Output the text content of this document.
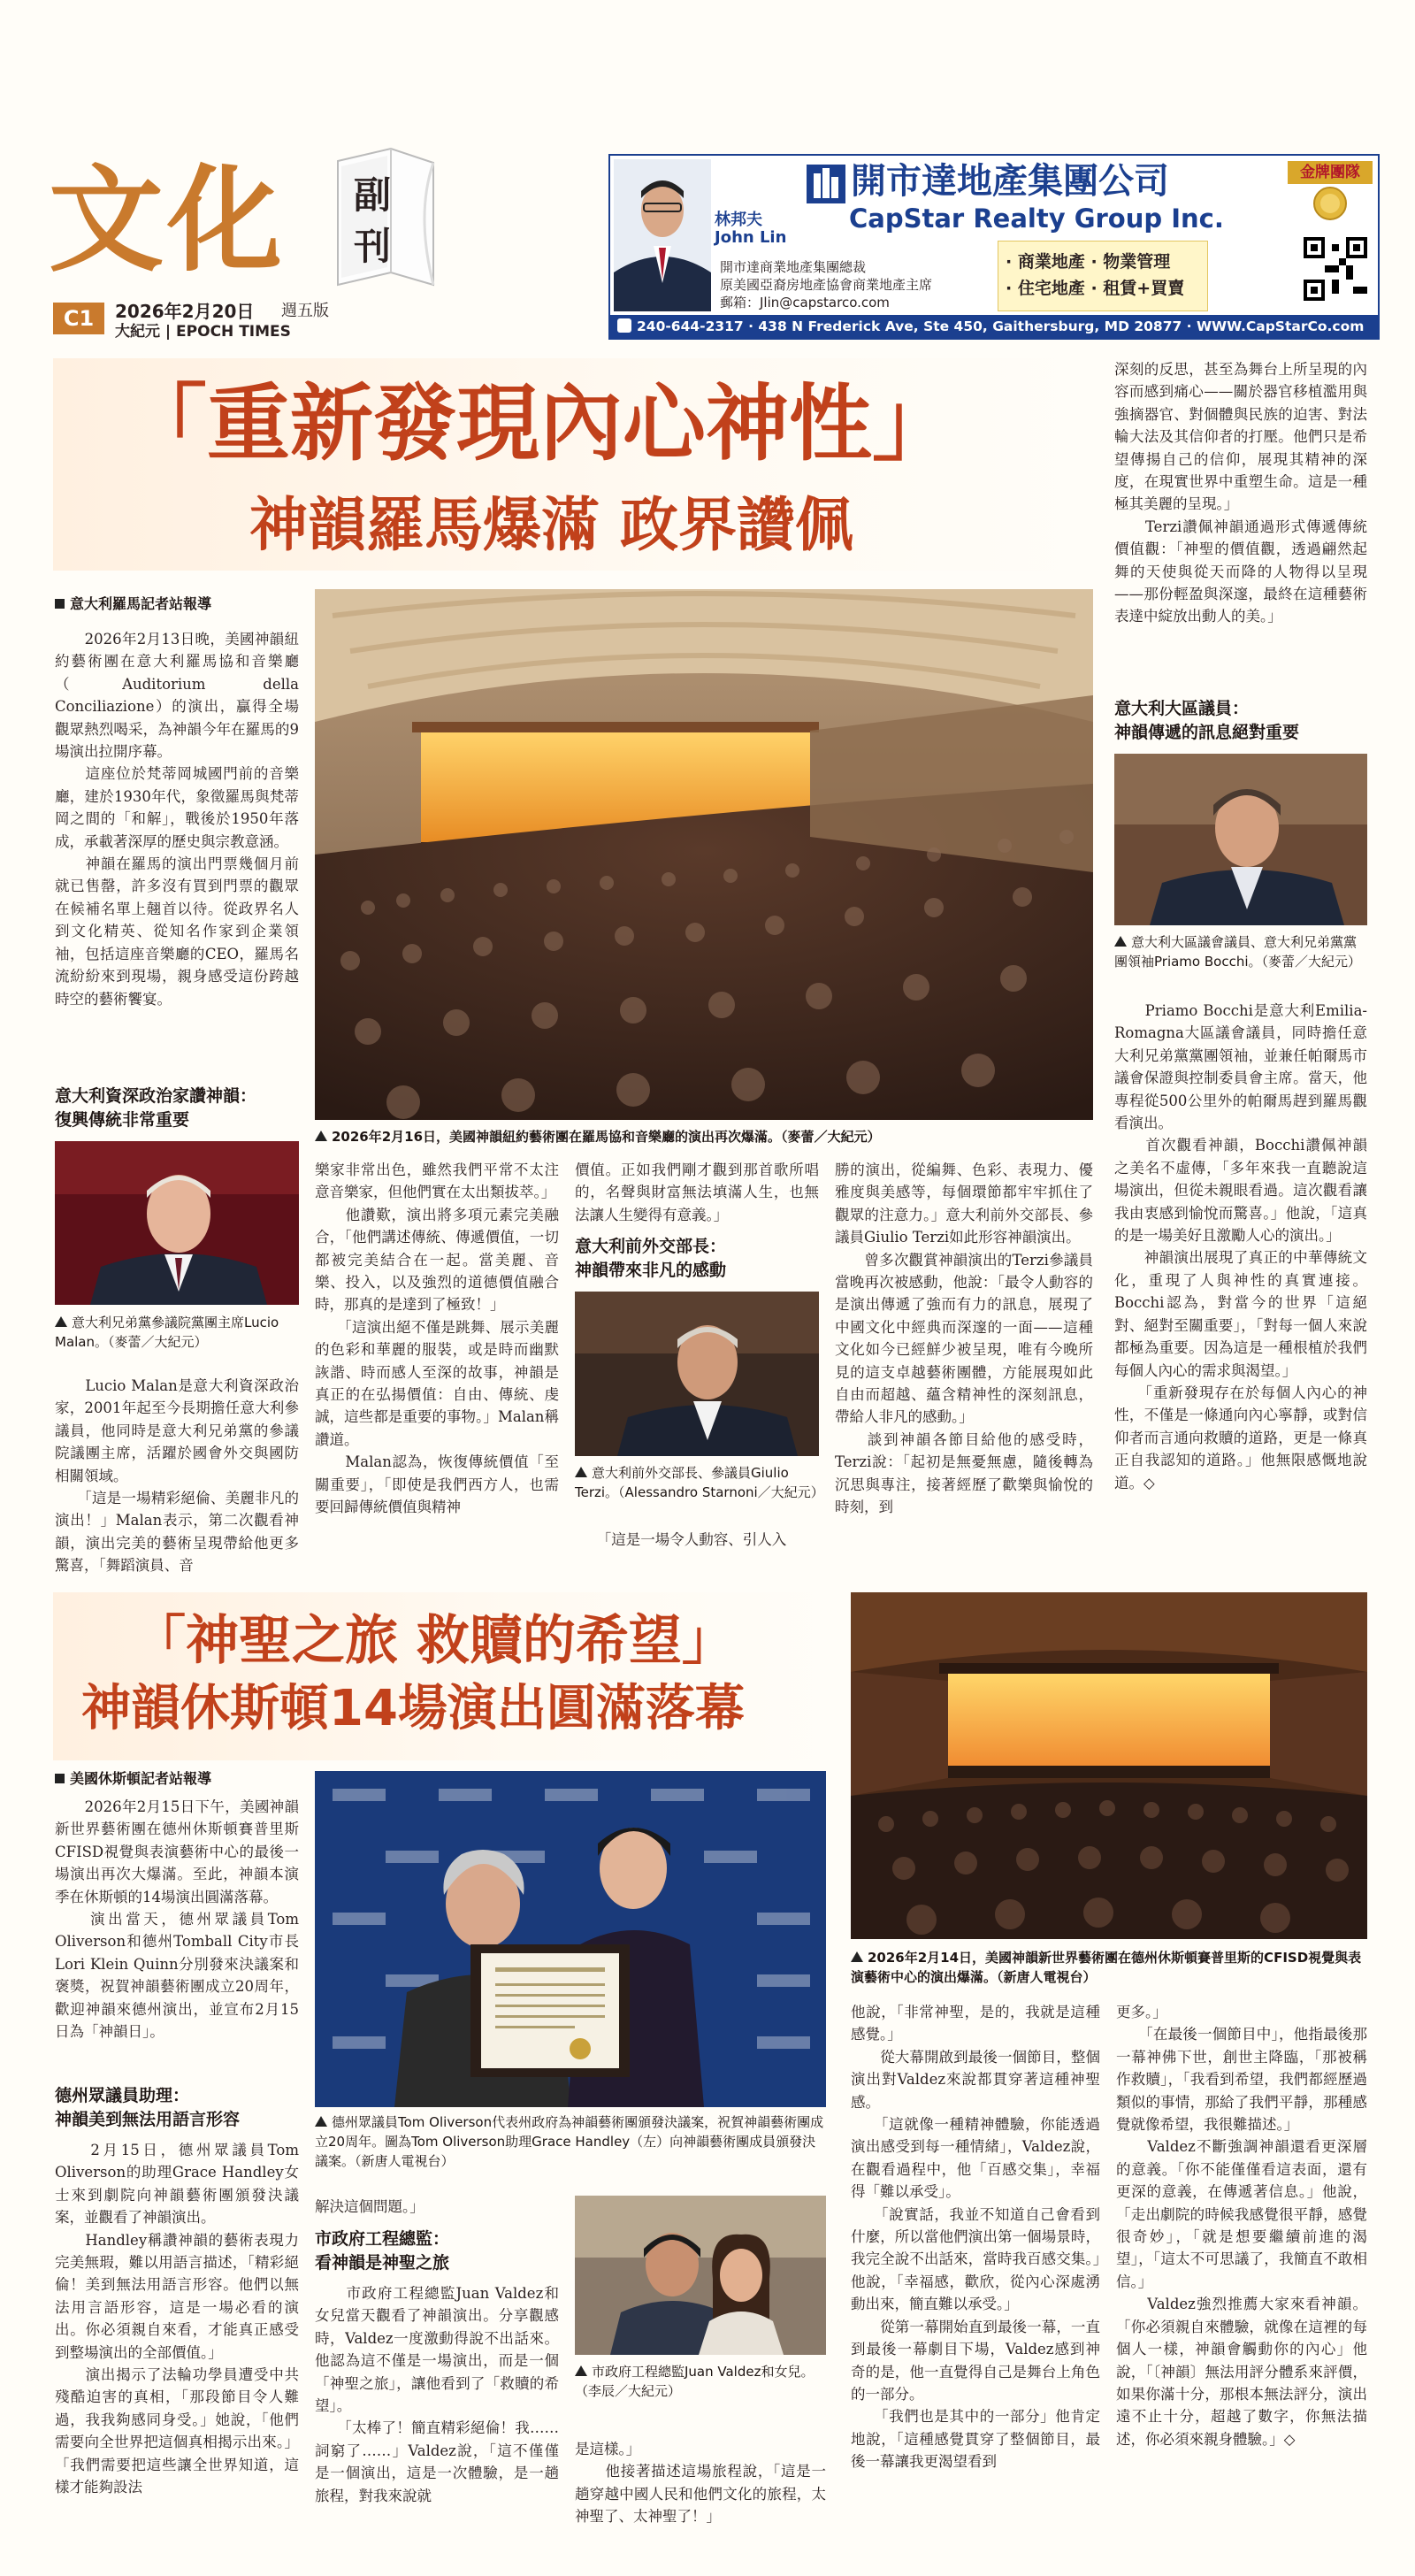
文化 副刊
C1	2026年2月20日 週五版
大紀元 | EPOCH TIMES
林邦夫
John Lin
開市達商業地產集團總裁
原美國亞裔房地產協會商業地產主席
郵箱：Jlin@capstarco.com
開市達地產集團公司
CapStar Realty Group Inc.
· 商業地產 · 物業管理
· 住宅地產 · 租賃+買賣
金牌團隊
240-644-2317 · 438 N Frederick Ave, Ste 450, Gaithersburg, MD 20877 · WWW.CapStarCo.com
「重新發現內心神性」
神韻羅馬爆滿 政界讚佩
意大利羅馬記者站報導
　　2026年2月13日晚，美國神韻紐約藝術團在意大利羅馬協和音樂廳（Auditorium della Conciliazione）的演出，贏得全場觀眾熱烈喝采，為神韻今年在羅馬的9場演出拉開序幕。
　　這座位於梵蒂岡城國門前的音樂廳，建於1930年代，象徵羅馬與梵蒂岡之間的「和解」，戰後於1950年落成，承載著深厚的歷史與宗教意涵。
　　神韻在羅馬的演出門票幾個月前就已售罄，許多沒有買到門票的觀眾在候補名單上翹首以待。從政界名人到文化精英、從知名作家到企業領袖，包括這座音樂廳的CEO，羅馬名流紛紛來到現場，親身感受這份跨越時空的藝術饗宴。
意大利資深政治家讚神韻：
復興傳統非常重要
意大利兄弟黨參議院黨團主席Lucio Malan。（麥蕾／大紀元）
　　Lucio Malan是意大利資深政治家，2001年起至今長期擔任意大利參議員，他同時是意大利兄弟黨的參議院議團主席，活躍於國會外交與國防相關領域。
　　「這是一場精彩絕倫、美麗非凡的演出！」Malan表示，第二次觀看神韻，演出完美的藝術呈現帶給他更多驚喜，「舞蹈演員、音
2026年2月16日，美國神韻紐約藝術團在羅馬協和音樂廳的演出再次爆滿。（麥蕾／大紀元）
樂家非常出色，雖然我們平常不太注意音樂家，但他們實在太出類拔萃。」
　　他讚歎，演出將多項元素完美融合，「他們講述傳統、傳遞價值，一切都被完美結合在一起。當美麗、音樂、投入，以及強烈的道德價值融合時，那真的是達到了極致！」
　　「這演出絕不僅是跳舞、展示美麗的色彩和華麗的服裝，或是時而幽默詼諧、時而感人至深的故事，神韻是真正的在弘揚價值：自由、傳統、虔誠，這些都是重要的事物。」Malan稱讚道。
　　Malan認為，恢復傳統價值「至關重要」，「即使是我們西方人，也需要回歸傳統價值與精神
價值。正如我們剛才觀到那首歌所唱的，名聲與財富無法填滿人生，也無法讓人生變得有意義。」
意大利前外交部長：
神韻帶來非凡的感動
意大利前外交部長、參議員Giulio Terzi。（Alessandro Starnoni／大紀元）
　　「這是一場令人動容、引人入
勝的演出，從編舞、色彩、表現力、優雅度與美感等，每個環節都牢牢抓住了觀眾的注意力。」意大利前外交部長、參議員Giulio Terzi如此形容神韻演出。
　　曾多次觀賞神韻演出的Terzi參議員當晚再次被感動，他說：「最令人動容的是演出傳遞了強而有力的訊息，展現了中國文化中經典而深邃的一面——這種文化如今已經鮮少被呈現，唯有今晚所見的這支卓越藝術團體，方能展現如此自由而超越、蘊含精神性的深刻訊息，帶給人非凡的感動。」
　　談到神韻各節目給他的感受時，Terzi說：「起初是無憂無慮，隨後轉為沉思與專注，接著經歷了歡樂與愉悅的時刻，到
深刻的反思，甚至為舞台上所呈現的內容而感到痛心——關於器官移植濫用與強摘器官、對個體與民族的迫害、對法輪大法及其信仰者的打壓。他們只是希望傳揚自己的信仰，展現其精神的深度，在現實世界中重塑生命。這是一種極其美麗的呈現。」
　　Terzi讚佩神韻通過形式傳遞傳統價值觀：「神聖的價值觀，透過翩然起舞的天使與從天而降的人物得以呈現——那份輕盈與深邃，最終在這種藝術表達中綻放出動人的美。」
意大利大區議員：
神韻傳遞的訊息絕對重要
意大利大區議會議員、意大利兄弟黨黨團領袖Priamo Bocchi。（麥蕾／大紀元）
　　Priamo Bocchi是意大利Emilia-Romagna大區議會議員，同時擔任意大利兄弟黨黨團領袖，並兼任帕爾馬市議會保證與控制委員會主席。當天，他專程從500公里外的帕爾馬趕到羅馬觀看演出。
　　首次觀看神韻，Bocchi讚佩神韻之美名不虛傳，「多年來我一直聽說這場演出，但從未親眼看過。這次觀看讓我由衷感到愉悅而驚喜。」他說，「這真的是一場美好且激勵人心的演出。」
　　神韻演出展現了真正的中華傳統文化，重現了人與神性的真實連接。Bocchi認為，對當今的世界「這絕對、絕對至關重要」，「對每一個人來說都極為重要。因為這是一種根植於我們每個人內心的需求與渴望。」
　　「重新發現存在於每個人內心的神性，不僅是一條通向內心寧靜，或對信仰者而言通向救贖的道路，更是一條真正自我認知的道路。」他無限感慨地說道。◇
「神聖之旅 救贖的希望」
神韻休斯頓14場演出圓滿落幕
美國休斯頓記者站報導
　　2026年2月15日下午，美國神韻新世界藝術團在德州休斯頓賽普里斯CFISD視覺與表演藝術中心的最後一場演出再次大爆滿。至此，神韻本演季在休斯頓的14場演出圓滿落幕。
　　演出當天，德州眾議員Tom Oliverson和德州Tomball City市長Lori Klein Quinn分別發來決議案和褒獎，祝賀神韻藝術團成立20周年，歡迎神韻來德州演出，並宣布2月15日為「神韻日」。
德州眾議員助理：
神韻美到無法用語言形容
　　2月15日，德州眾議員Tom Oliverson的助理Grace Handley女士來到劇院向神韻藝術團頒發決議案，並觀看了神韻演出。
　　Handley稱讚神韻的藝術表現力完美無瑕，難以用語言描述，「精彩絕倫！美到無法用語言形容。他們以無法用言語形容，這是一場必看的演出。你必須親自來看，才能真正感受到整場演出的全部價值。」
　　演出揭示了法輪功學員遭受中共殘酷迫害的真相，「那段節目令人難過，我我夠感同身受。」她說，「他們需要向全世界把這個真相揭示出來。」「我們需要把這些讓全世界知道，這樣才能夠設法
德州眾議員Tom Oliverson代表州政府為神韻藝術團頒發決議案，祝賀神韻藝術團成立20周年。圖為Tom Oliverson助理Grace Handley（左）向神韻藝術團成員頒發決議案。（新唐人電視台）
解決這個問題。」
市政府工程總監：
看神韻是神聖之旅
　　市政府工程總監Juan Valdez和女兒當天觀看了神韻演出。分享觀感時，Valdez一度激動得說不出話來。他認為這不僅是一場演出，而是一個「神聖之旅」，讓他看到了「救贖的希望」。
　　「太棒了！簡直精彩絕倫！我……詞窮了……」Valdez說，「這不僅僅是一個演出，這是一次體驗，是一趟旅程，對我來說就
市政府工程總監Juan Valdez和女兒。（李辰／大紀元）
是這樣。」
　　他接著描述這場旅程說，「這是一趟穿越中國人民和他們文化的旅程，太神聖了、太神聖了！」
2026年2月14日，美國神韻新世界藝術團在德州休斯頓賽普里斯的CFISD視覺與表演藝術中心的演出爆滿。（新唐人電視台）
他說，「非常神聖，是的，我就是這種感覺。」
　　從大幕開啟到最後一個節目，整個演出對Valdez來說都貫穿著這種神聖感。
　　「這就像一種精神體驗，你能透過演出感受到每一種情緒」，Valdez說，在觀看過程中，他「百感交集」，幸福得「難以承受」。
　　「說實話，我並不知道自己會看到什麼，所以當他們演出第一個場景時，我完全說不出話來，當時我百感交集。」他說，「幸福感，歡欣，從內心深處湧動出來，簡直難以承受。」
　　從第一幕開始直到最後一幕，一直到最後一幕劇目下場，Valdez感到神奇的是，他一直覺得自己是舞台上角色的一部分。
　　「我們也是其中的一部分」他肯定地說，「這種感覺貫穿了整個節目，最後一幕讓我更渴望看到
更多。」
　　「在最後一個節目中」，他指最後那一幕神佛下世，創世主降臨，「那被稱作救贖」，「我看到希望，我們都經歷過類似的事情，那給了我們平靜，那種感覺就像希望，我很難描述。」
　　Valdez不斷強調神韻還看更深層的意義。「你不能僅僅看這表面，還有更深的意義，在傳遞著信息。」他說，「走出劇院的時候我感覺很平靜，感覺很奇妙」，「就是想要繼續前進的渴望」，「這太不可思議了，我簡直不敢相信。」
　　Valdez強烈推薦大家來看神韻。「你必須親自來體驗，就像在這裡的每個人一樣，神韻會觸動你的內心」他說，「〔神韻〕無法用評分體系來評價，如果你滿十分，那根本無法評分，演出遠不止十分，超越了數字，你無法描述，你必須來親身體驗。」◇
